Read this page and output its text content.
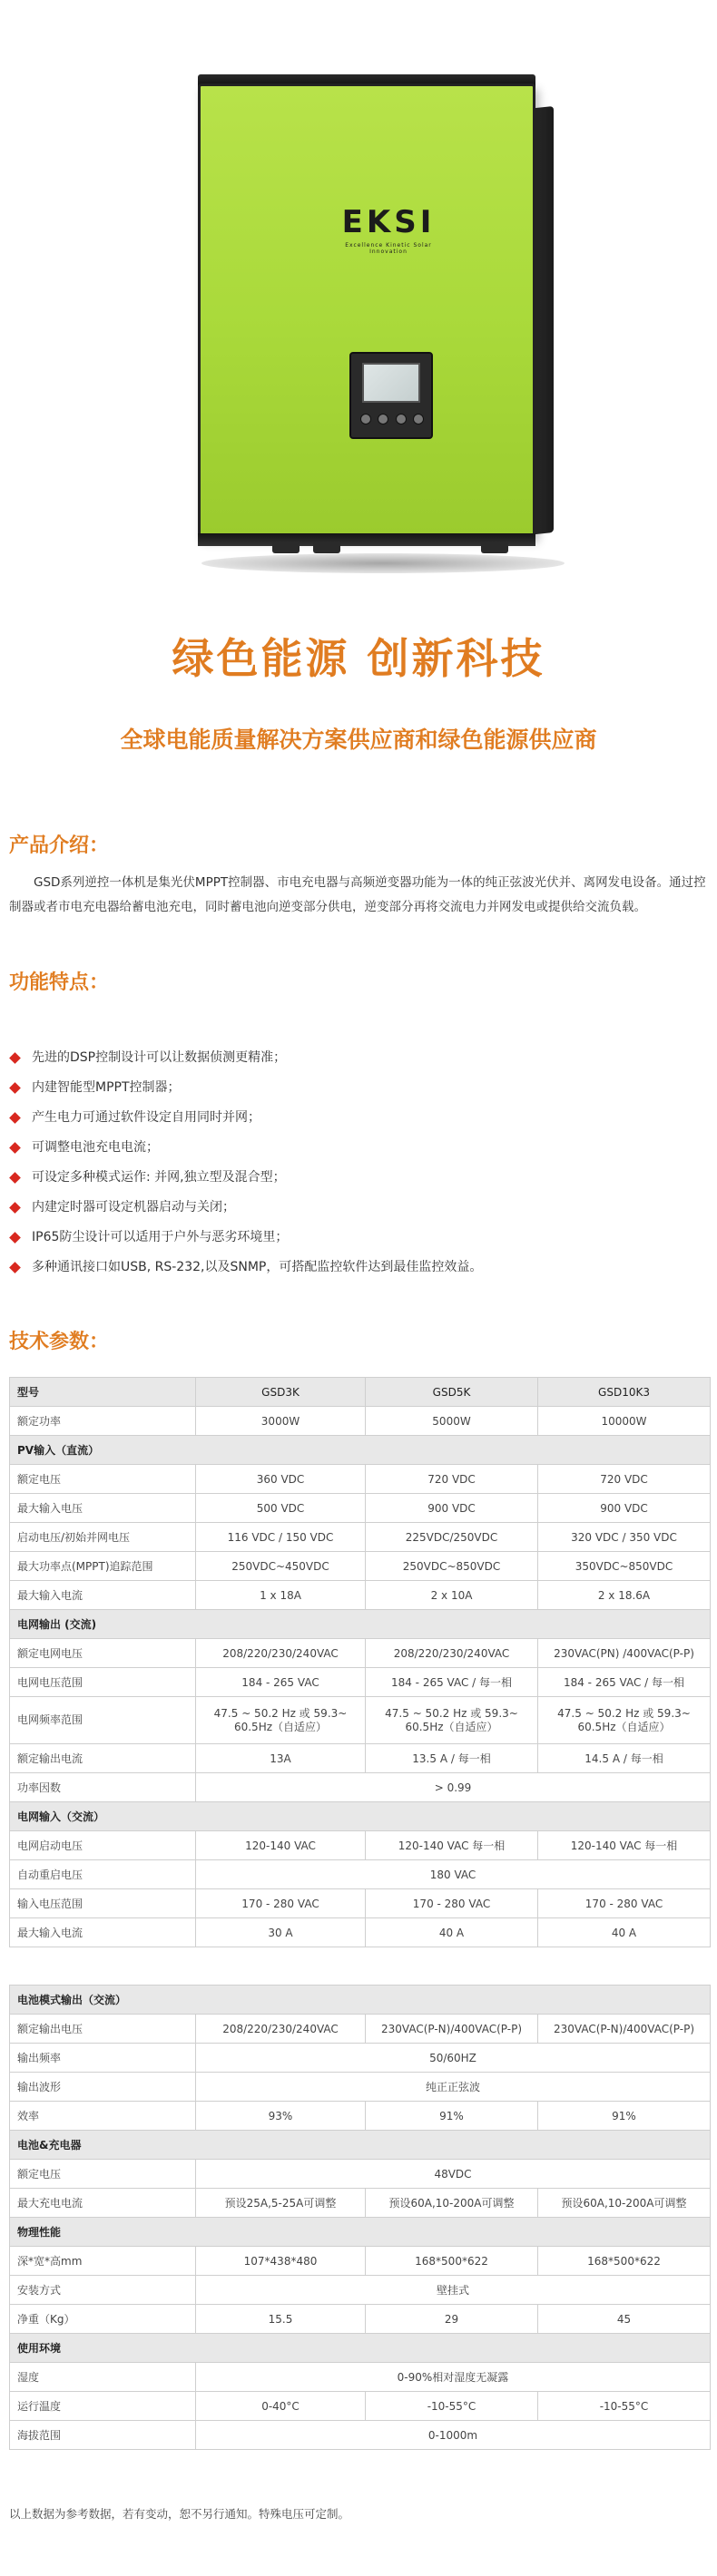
EKSI
Excellence Kinetic Solar Innovation
绿色能源 创新科技
全球电能质量解决方案供应商和绿色能源供应商
产品介绍：

GSD系列逆控一体机是集光伏MPPT控制器、市电充电器与高频逆变器功能为一体的纯正弦波光伏并、离网发电设备。通过控制器或者市电充电器给蓄电池充电，同时蓄电池向逆变部分供电，逆变部分再将交流电力并网发电或提供给交流负载。

功能特点：
先进的DSP控制设计可以让数据侦测更精准；
内建智能型MPPT控制器；
产生电力可通过软件设定自用同时并网；
可调整电池充电电流；
可设定多种模式运作: 并网,独立型及混合型；
内建定时器可设定机器启动与关闭；
IP65防尘设计可以适用于户外与恶劣环境里；
多种通讯接口如USB, RS-232,以及SNMP，可搭配监控软件达到最佳监控效益。
技术参数：
型号	GSD3K	GSD5K	GSD10K3
额定功率	3000W	5000W	10000W
PV输入（直流）			
额定电压	360 VDC	720 VDC	720 VDC
最大输入电压	500 VDC	900 VDC	900 VDC
启动电压/初始并网电压	116 VDC / 150 VDC	225VDC/250VDC	320 VDC / 350 VDC
最大功率点(MPPT)追踪范围	250VDC~450VDC	250VDC~850VDC	350VDC~850VDC
最大输入电流	1 x 18A	2 x 10A	2 x 18.6A
电网输出 (交流)			
额定电网电压	208/220/230/240VAC	208/220/230/240VAC	230VAC(PN) /400VAC(P-P)
电网电压范围	184 - 265 VAC	184 - 265 VAC / 每一相	184 - 265 VAC / 每一相
电网频率范围	47.5 ~ 50.2 Hz 或 59.3~ 60.5Hz（自适应）	47.5 ~ 50.2 Hz 或 59.3~ 60.5Hz（自适应）	47.5 ~ 50.2 Hz 或 59.3~ 60.5Hz（自适应）
额定输出电流	13A	13.5 A / 每一相	14.5 A / 每一相
功率因数	> 0.99		
电网输入（交流）			
电网启动电压	120-140 VAC	120-140 VAC 每一相	120-140 VAC 每一相
自动重启电压	180 VAC		
输入电压范围	170 - 280 VAC	170 - 280 VAC	170 - 280 VAC
最大输入电流	30 A	40 A	40 A

电池模式输出（交流）			
额定输出电压	208/220/230/240VAC	230VAC(P-N)/400VAC(P-P)	230VAC(P-N)/400VAC(P-P)
输出频率	50/60HZ		
输出波形	纯正正弦波		
效率	93%	91%	91%
电池&充电器			
额定电压	48VDC		
最大充电电流	预设25A,5-25A可调整	预设60A,10-200A可调整	预设60A,10-200A可调整
物理性能			
深*宽*高mm	107*438*480	168*500*622	168*500*622
安装方式	壁挂式		
净重（Kg）	15.5	29	45
使用环境			
湿度	0-90%相对湿度无凝露		
运行温度	0-40°C	-10-55°C	-10-55°C
海拔范围	0-1000m		
以上数据为参考数据，若有变动，恕不另行通知。特殊电压可定制。
